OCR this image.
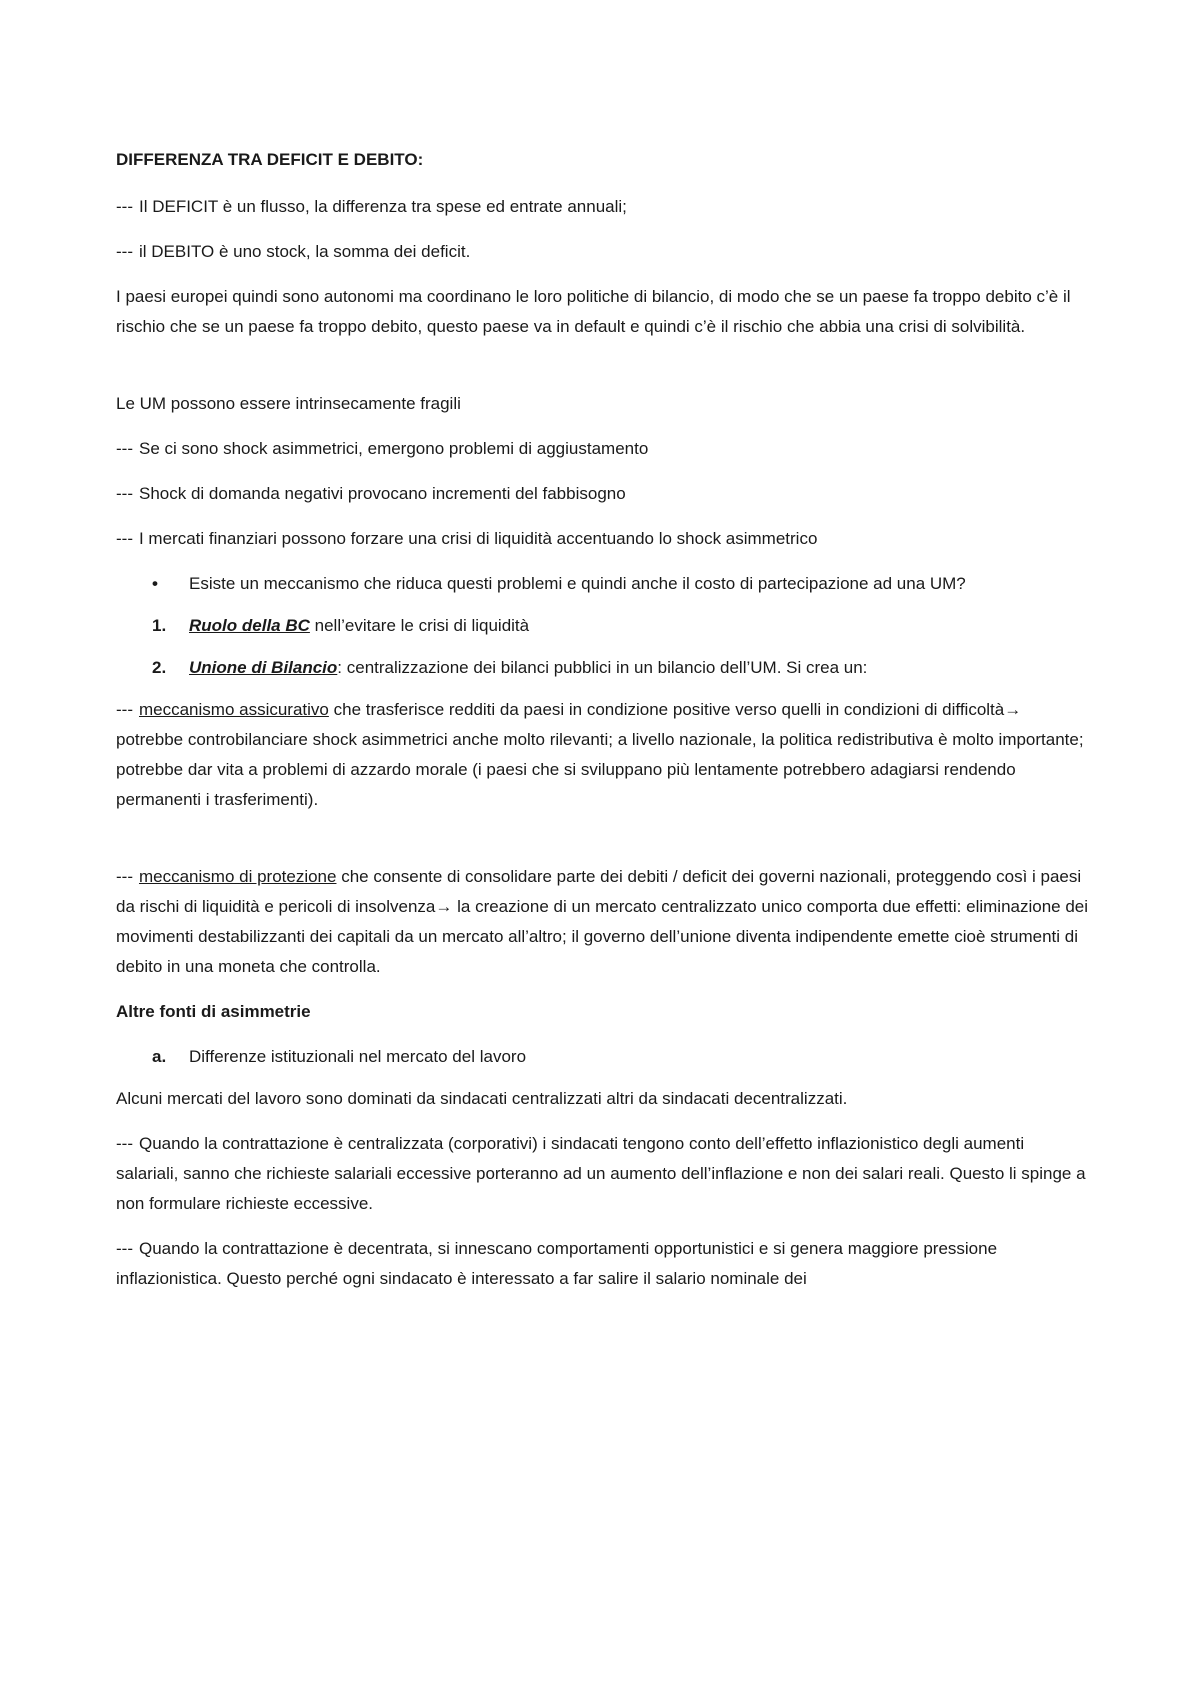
DIFFERENZA TRA DEFICIT E DEBITO:

--- Il DEFICIT è un flusso, la differenza tra spese ed entrate annuali;

--- il DEBITO è uno stock, la somma dei deficit.

I paesi europei quindi sono autonomi ma coordinano le loro politiche di bilancio, di modo che se un paese fa troppo debito c’è il rischio che se un paese fa troppo debito, questo paese va in default e quindi c’è il rischio che abbia una crisi di solvibilità.

Le UM possono essere intrinsecamente fragili

--- Se ci sono shock asimmetrici, emergono problemi di aggiustamento

--- Shock di domanda negativi provocano incrementi del fabbisogno

--- I mercati finanziari possono forzare una crisi di liquidità accentuando lo shock asimmetrico

•	Esiste un meccanismo che riduca questi problemi e quindi anche il costo di partecipazione ad una UM?
1.	Ruolo della BC nell’evitare le crisi di liquidità
2.	Unione di Bilancio: centralizzazione dei bilanci pubblici in un bilancio dell’UM. Si crea un:

--- meccanismo assicurativo che trasferisce redditi da paesi in condizione positive verso quelli in condizioni di difficoltà→ potrebbe controbilanciare shock asimmetrici anche molto rilevanti; a livello nazionale, la politica redistributiva è molto importante; potrebbe dar vita a problemi di azzardo morale (i paesi che si sviluppano più lentamente potrebbero adagiarsi rendendo permanenti i trasferimenti).

--- meccanismo di protezione che consente di consolidare parte dei debiti / deficit dei governi nazionali, proteggendo così i paesi da rischi di liquidità e pericoli di insolvenza→ la creazione di un mercato centralizzato unico comporta due effetti: eliminazione dei movimenti destabilizzanti dei capitali da un mercato all’altro; il governo dell’unione diventa indipendente emette cioè strumenti di debito in una moneta che controlla.

Altre fonti di asimmetrie

a.	Differenze istituzionali nel mercato del lavoro

Alcuni mercati del lavoro sono dominati da sindacati centralizzati altri da sindacati decentralizzati.

--- Quando la contrattazione è centralizzata (corporativi) i sindacati tengono conto dell’effetto inflazionistico degli aumenti salariali, sanno che richieste salariali eccessive porteranno ad un aumento dell’inflazione e non dei salari reali. Questo li spinge a non formulare richieste eccessive.

--- Quando la contrattazione è decentrata, si innescano comportamenti opportunistici e si genera maggiore pressione inflazionistica. Questo perché ogni sindacato è interessato a far salire il salario nominale dei
